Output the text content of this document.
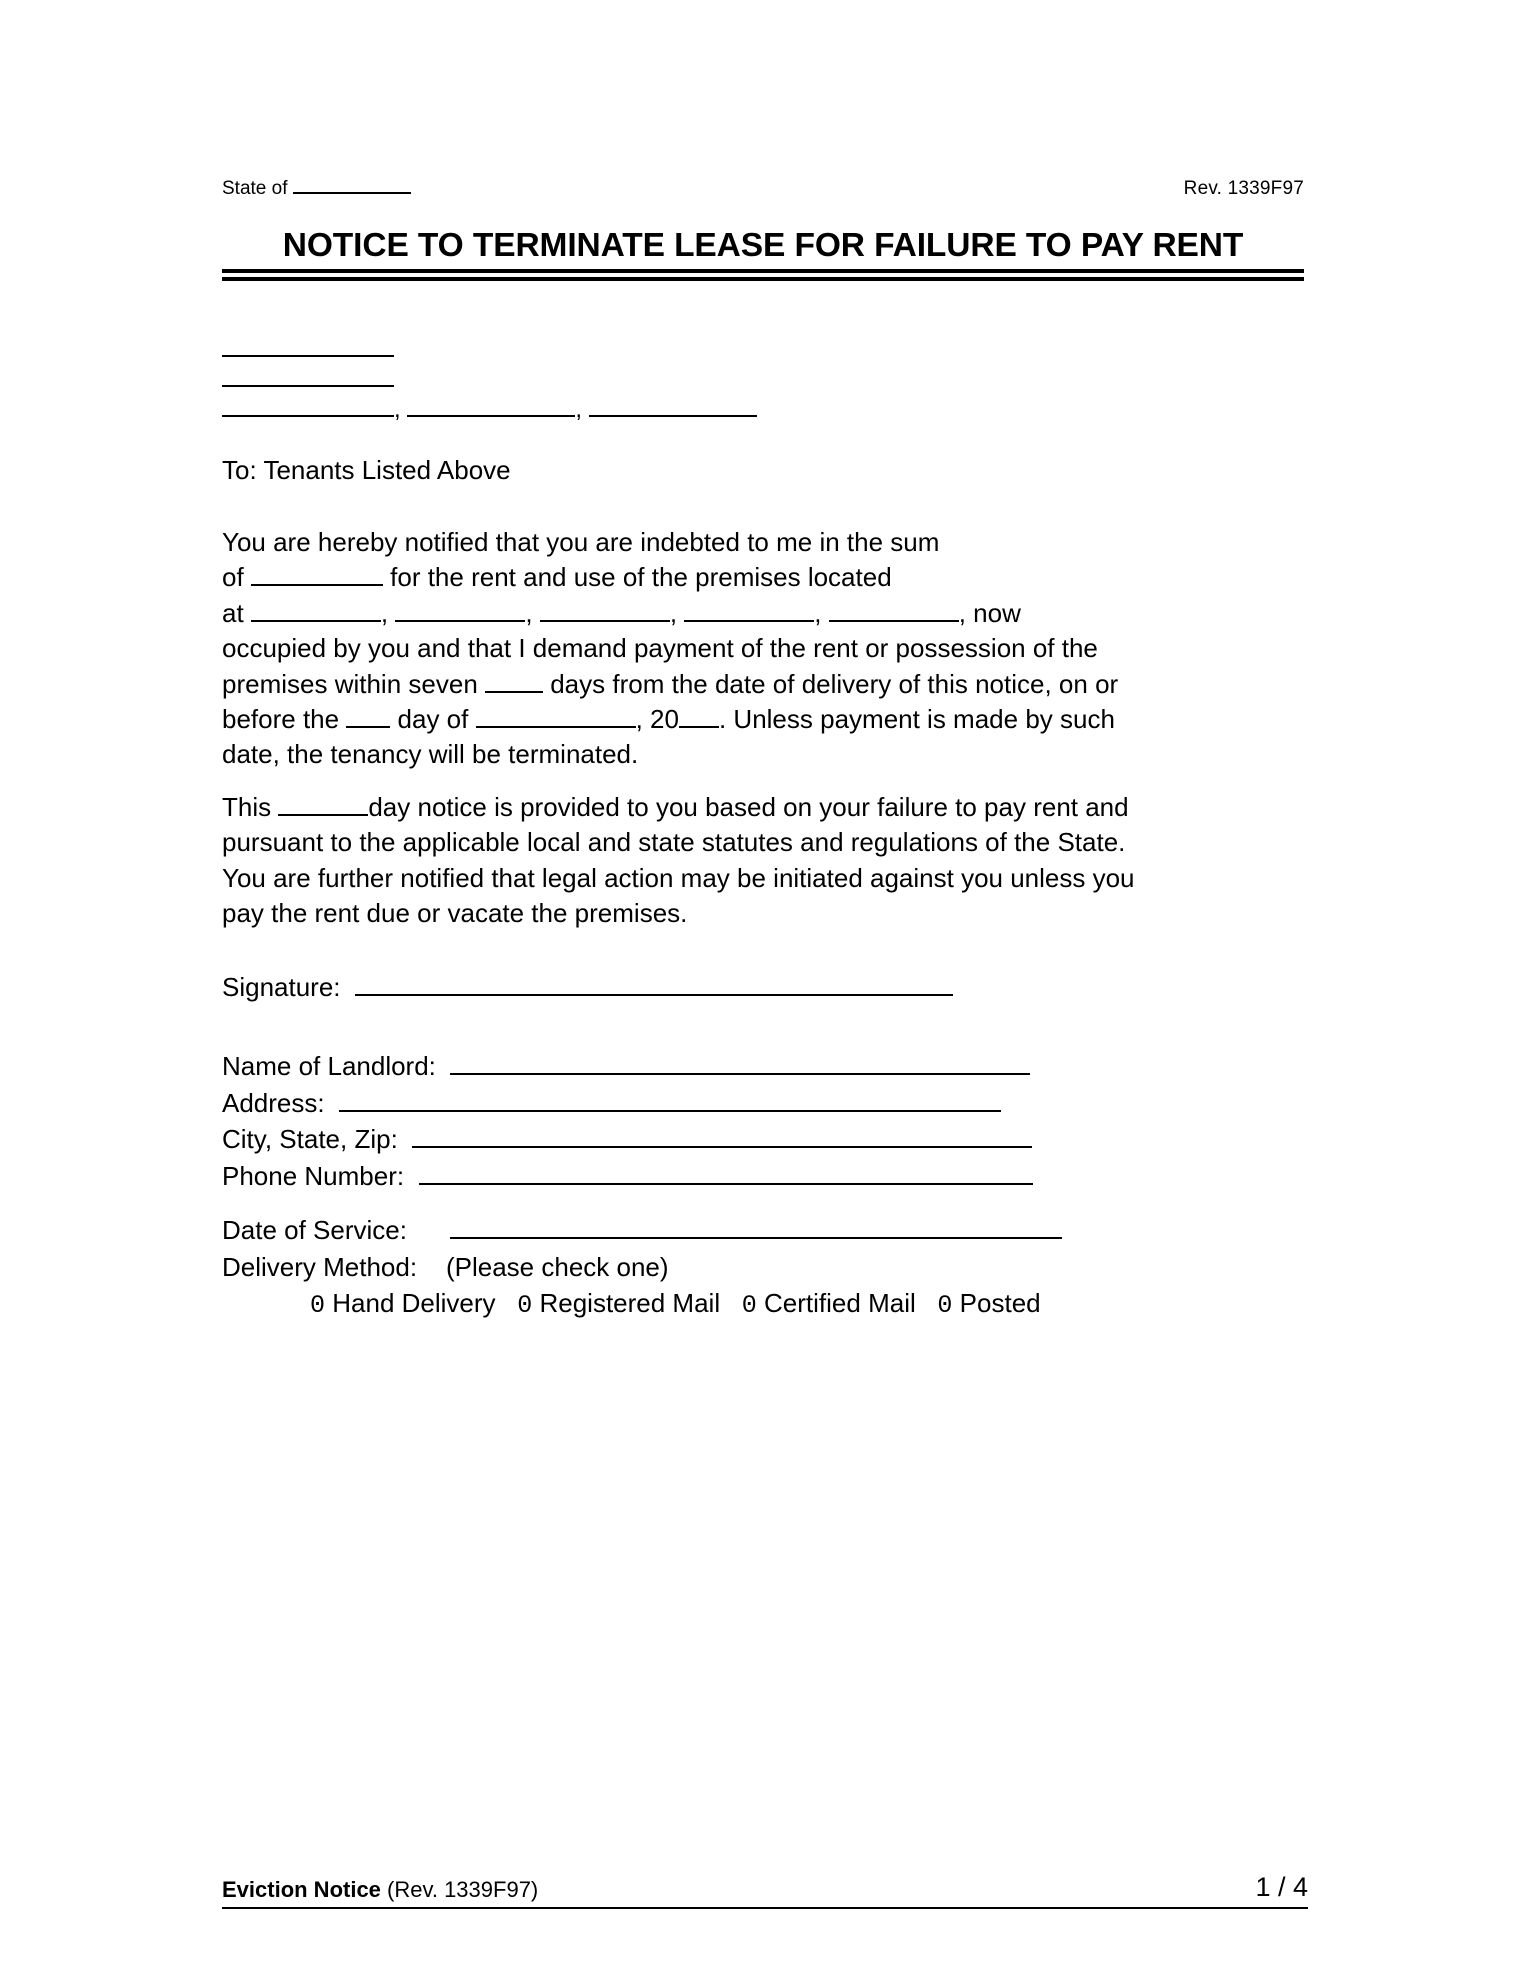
State of	Rev. 1339F97
NOTICE TO TERMINATE LEASE FOR FAILURE TO PAY RENT
,	,
To: Tenants Listed Above
You are hereby notified that you are indebted to me in the sum
of	for the rent and use of the premises located
at	,	,	,	,	, now
occupied by you and that I demand payment of the rent or possession of the
premises within seven  days from the date of delivery of this notice, on or
before the  day of	, 20 . Unless payment is made by such
date, the tenancy will be terminated.
This	day notice is provided to you based on your failure to pay rent and
pursuant to the applicable local and state statutes and regulations of the State.
You are further notified that legal action may be initiated against you unless you
pay the rent due or vacate the premises.
Signature:
Name of Landlord:
Address:
City, State, Zip:
Phone Number:
Date of Service:
Delivery Method:    (Please check one)
0 Hand Delivery 0 Registered Mail 0 Certified Mail 0 Posted
Eviction Notice (Rev. 1339F97)	1 / 4
